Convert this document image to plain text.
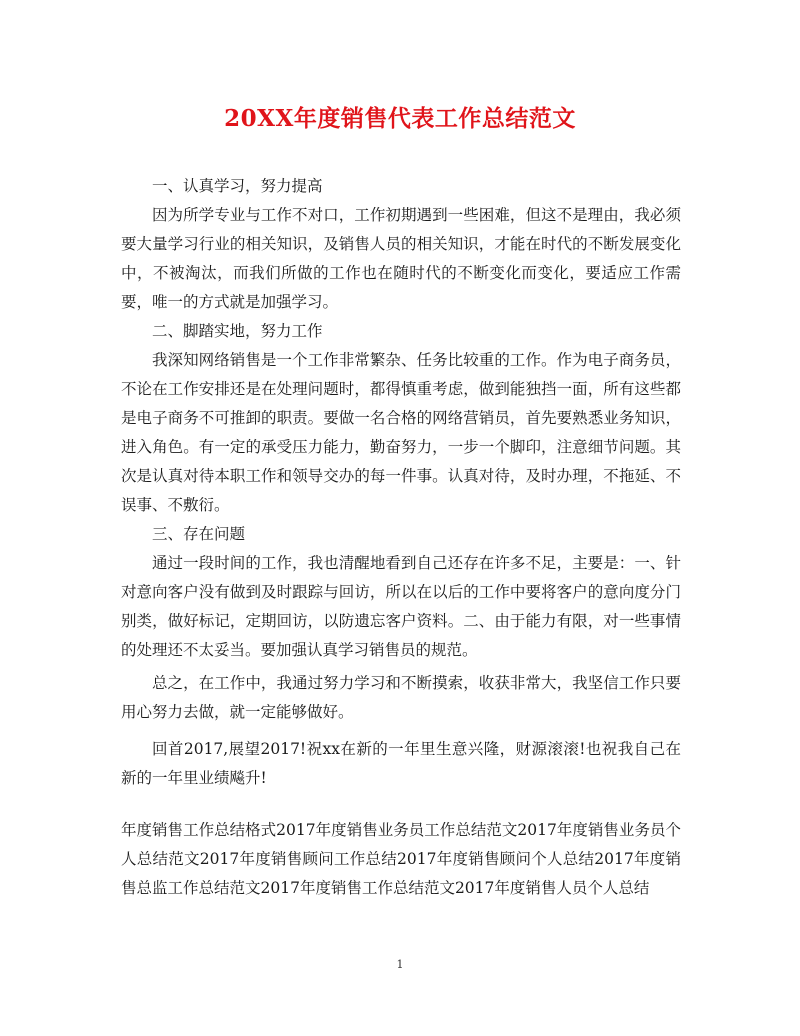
20XX年度销售代表工作总结范文

一、认真学习，努力提高

因为所学专业与工作不对口，工作初期遇到一些困难，但这不是理由，我必须要大量学习行业的相关知识，及销售人员的相关知识，才能在时代的不断发展变化中，不被淘汰，而我们所做的工作也在随时代的不断变化而变化，要适应工作需要，唯一的方式就是加强学习。

二、脚踏实地，努力工作

我深知网络销售是一个工作非常繁杂、任务比较重的工作。作为电子商务员，不论在工作安排还是在处理问题时，都得慎重考虑，做到能独挡一面，所有这些都是电子商务不可推卸的职责。要做一名合格的网络营销员，首先要熟悉业务知识，进入角色。有一定的承受压力能力，勤奋努力，一步一个脚印，注意细节问题。其次是认真对待本职工作和领导交办的每一件事。认真对待，及时办理，不拖延、不误事、不敷衍。

三、存在问题

通过一段时间的工作，我也清醒地看到自己还存在许多不足，主要是：一、针对意向客户没有做到及时跟踪与回访，所以在以后的工作中要将客户的意向度分门别类，做好标记，定期回访，以防遗忘客户资料。二、由于能力有限，对一些事情的处理还不太妥当。要加强认真学习销售员的规范。

总之，在工作中，我通过努力学习和不断摸索，收获非常大，我坚信工作只要用心努力去做，就一定能够做好。

回首2017,展望2017!祝xx在新的一年里生意兴隆，财源滚滚!也祝我自己在新的一年里业绩飚升!

年度销售工作总结格式2017年度销售业务员工作总结范文2017年度销售业务员个人总结范文2017年度销售顾问工作总结2017年度销售顾问个人总结2017年度销售总监工作总结范文2017年度销售工作总结范文2017年度销售人员个人总结
1
